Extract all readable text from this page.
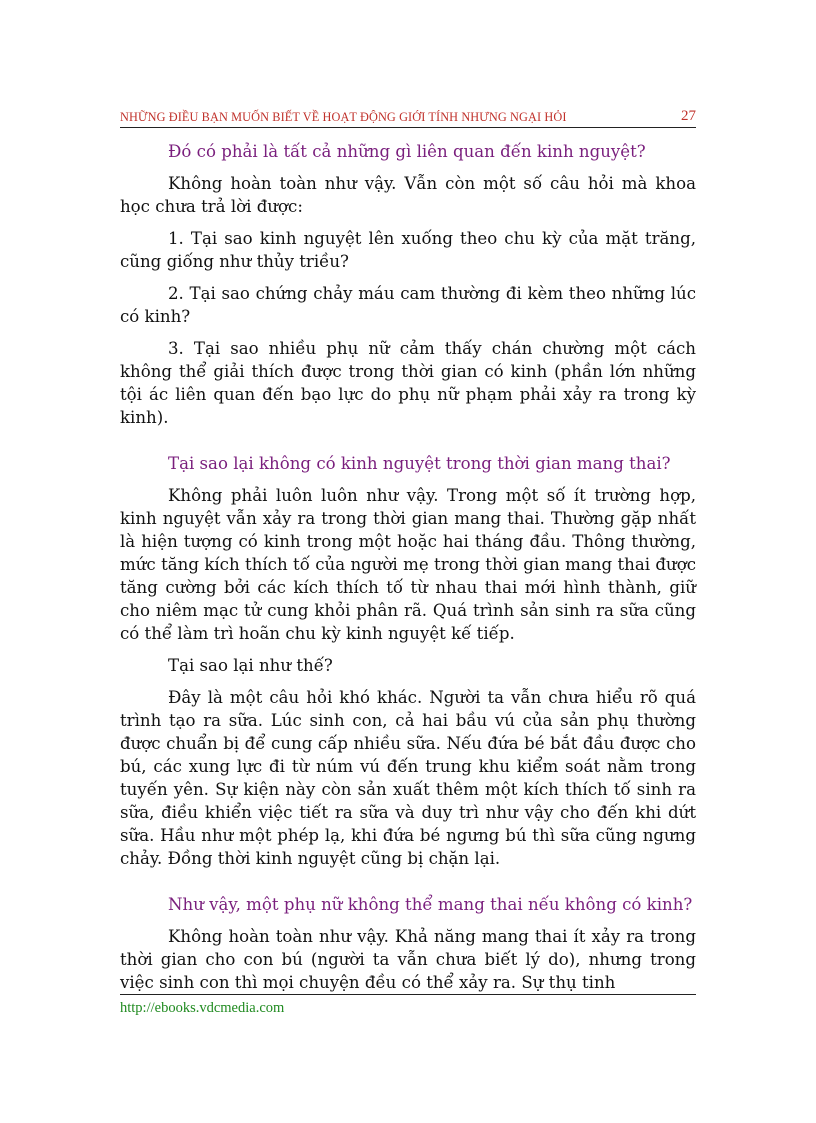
NHỮNG ĐIỀU BẠN MUỐN BIẾT VỀ HOẠT ĐỘNG GIỚI TÍNH NHƯNG NGẠI HỎI	27

Đó có phải là tất cả những gì liên quan đến kinh nguyệt?

Không hoàn toàn như vậy. Vẫn còn một số câu hỏi mà khoa học chưa trả lời được:

1. Tại sao kinh nguyệt lên xuống theo chu kỳ của mặt trăng, cũng giống như thủy triều?

2. Tại sao chứng chảy máu cam thường đi kèm theo những lúc có kinh?

3. Tại sao nhiều phụ nữ cảm thấy chán chường một cách không thể giải thích được trong thời gian có kinh (phần lớn những tội ác liên quan đến bạo lực do phụ nữ phạm phải xảy ra trong kỳ kinh).

Tại sao lại không có kinh nguyệt trong thời gian mang thai?

Không phải luôn luôn như vậy. Trong một số ít trường hợp, kinh nguyệt vẫn xảy ra trong thời gian mang thai. Thường gặp nhất là hiện tượng có kinh trong một hoặc hai tháng đầu. Thông thường, mức tăng kích thích tố của người mẹ trong thời gian mang thai được tăng cường bởi các kích thích tố từ nhau thai mới hình thành, giữ cho niêm mạc tử cung khỏi phân rã. Quá trình sản sinh ra sữa cũng có thể làm trì hoãn chu kỳ kinh nguyệt kế tiếp.

Tại sao lại như thế?

Đây là một câu hỏi khó khác. Người ta vẫn chưa hiểu rõ quá trình tạo ra sữa. Lúc sinh con, cả hai bầu vú của sản phụ thường được chuẩn bị để cung cấp nhiều sữa. Nếu đứa bé bắt đầu được cho bú, các xung lực đi từ núm vú đến trung khu kiểm soát nằm trong tuyến yên. Sự kiện này còn sản xuất thêm một kích thích tố sinh ra sữa, điều khiển việc tiết ra sữa và duy trì như vậy cho đến khi dứt sữa. Hầu như một phép lạ, khi đứa bé ngưng bú thì sữa cũng ngưng chảy. Đồng thời kinh nguyệt cũng bị chặn lại.

Như vậy, một phụ nữ không thể mang thai nếu không có kinh?

Không hoàn toàn như vậy. Khả năng mang thai ít xảy ra trong thời gian cho con bú (người ta vẫn chưa biết lý do), nhưng trong việc sinh con thì mọi chuyện đều có thể xảy ra. Sự thụ tinh

http://ebooks.vdcmedia.com
